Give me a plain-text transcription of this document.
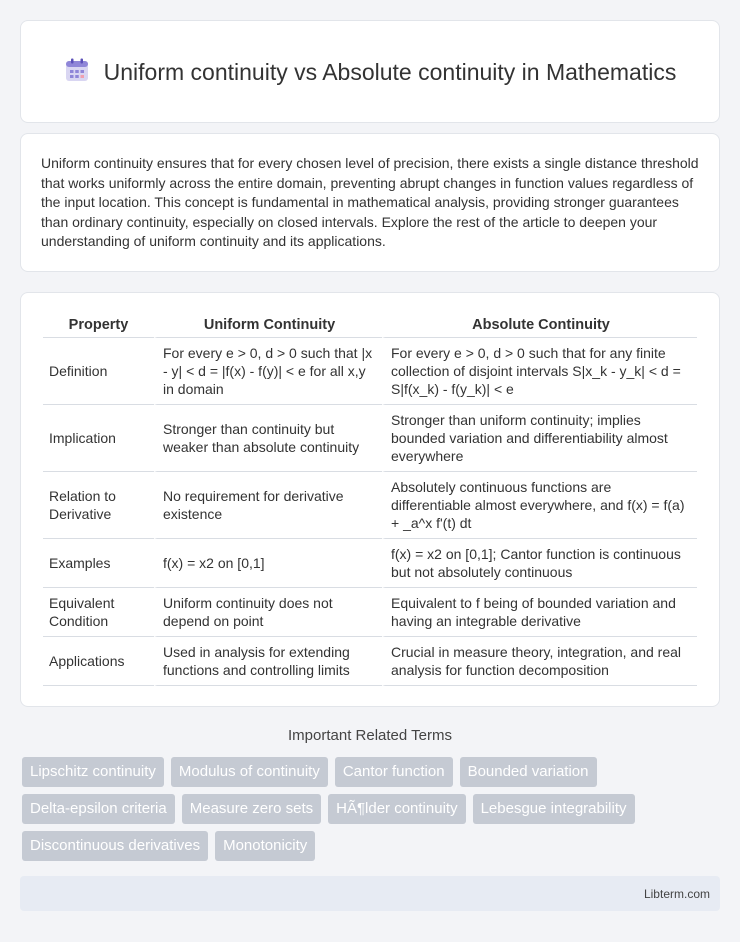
Uniform continuity vs Absolute continuity in Mathematics

Uniform continuity ensures that for every chosen level of precision, there exists a single distance threshold that works uniformly across the entire domain, preventing abrupt changes in function values regardless of the input location. This concept is fundamental in mathematical analysis, providing stronger guarantees than ordinary continuity, especially on closed intervals. Explore the rest of the article to deepen your understanding of uniform continuity and its applications.

Property	Uniform Continuity	Absolute Continuity
Definition	For every e > 0, d > 0 such that |x - y| < d = |f(x) - f(y)| < e for all x,y in domain	For every e > 0, d > 0 such that for any finite collection of disjoint intervals S|x_k - y_k| < d = S|f(x_k) - f(y_k)| < e
Implication	Stronger than continuity but weaker than absolute continuity	Stronger than uniform continuity; implies bounded variation and differentiability almost everywhere
Relation to Derivative	No requirement for derivative existence	Absolutely continuous functions are differentiable almost everywhere, and f(x) = f(a) + _a^x f'(t) dt
Examples	f(x) = x2 on [0,1]	f(x) = x2 on [0,1]; Cantor function is continuous but not absolutely continuous
Equivalent Condition	Uniform continuity does not depend on point	Equivalent to f being of bounded variation and having an integrable derivative
Applications	Used in analysis for extending functions and controlling limits	Crucial in measure theory, integration, and real analysis for function decomposition
Important Related Terms
Lipschitz continuity	Modulus of continuity	Cantor function	Bounded variation
Delta-epsilon criteria	Measure zero sets	HÃ¶lder continuity	Lebesgue integrability
Discontinuous derivatives	Monotonicity
Libterm.com
